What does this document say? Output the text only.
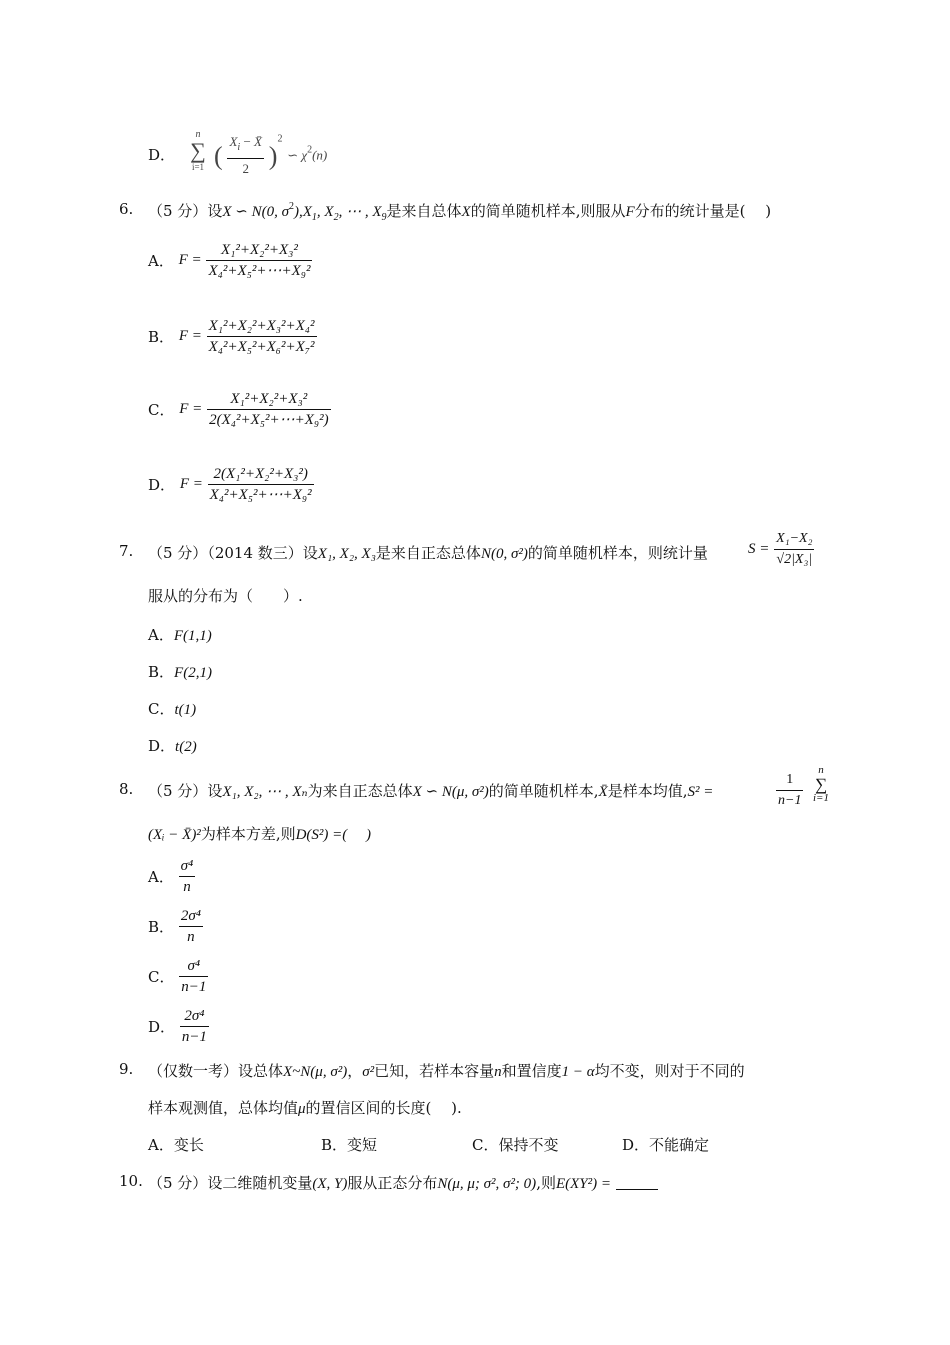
D．
n
∑
i=1 ( $\frac{X_i - X̄}{2} )^2$ ∽ $\chi^2(n)$
6. （5 分）设X ∽ N(0, $\sigma^2),X_1$, $X_2$, ⋯ , $X_9$是来自总体X的简单随机样本,则服从F分布的统计量是(　 )
A． $F = \frac{\text{X₁²+X₂²+X₃²}}{\text{X₄²+X₅²+⋯+X₉²}}$
B． $F = \frac{\text{X₁²+X₂²+X₃²+X₄²}}{\text{X₄²+X₅²+X₆²+X₇²}}$
C． $F = \frac{\text{X₁²+X₂²+X₃²}}{\text{2(X₄²+X₅²+⋯+X₉²)}}$
D． $F = \frac{\text{2(X₁²+X₂²+X₃²)}}{\text{X₄²+X₅²+⋯+X₉²}}$
7. （5 分）（2014 数三）设X₁, X₂, X₃是来自正态总体N(0, σ²)的简单随机样本，则统计量	$S = \frac{\text{X₁−X₂}}{\text{√2|X₃|}}$
服从的分布为（　　）.
A．F(1,1)
B．F(2,1)
C．t(1)
D．t(2)
8. （5 分）设X₁, X₂, ⋯ , Xₙ为来自正态总体X ∽ N(μ, σ²)的简单随机样本,X̄是样本均值,S² =	$\frac{1}{n-1}$	n
∑
i=1
(Xᵢ − X̄)²为样本方差,则D(S²) =(　 )
A． $\frac{\text{σ⁴}}{n}$
B． $\frac{\text{2σ⁴}}{n}$
C． $\frac{\text{σ⁴}}{n-1}$
D． $\frac{\text{2σ⁴}}{n-1}$
9. （仅数一考）设总体X~N(μ, σ²)，σ²已知，若样本容量n和置信度1 − α均不变，则对于不同的
样本观测值，总体均值μ的置信区间的长度(　 ).
A．变长	B．变短	C．保持不变	D．不能确定
10. （5 分）设二维随机变量(X, Y)服从正态分布N(μ, μ; σ², σ²; 0),则E(XY²) =
